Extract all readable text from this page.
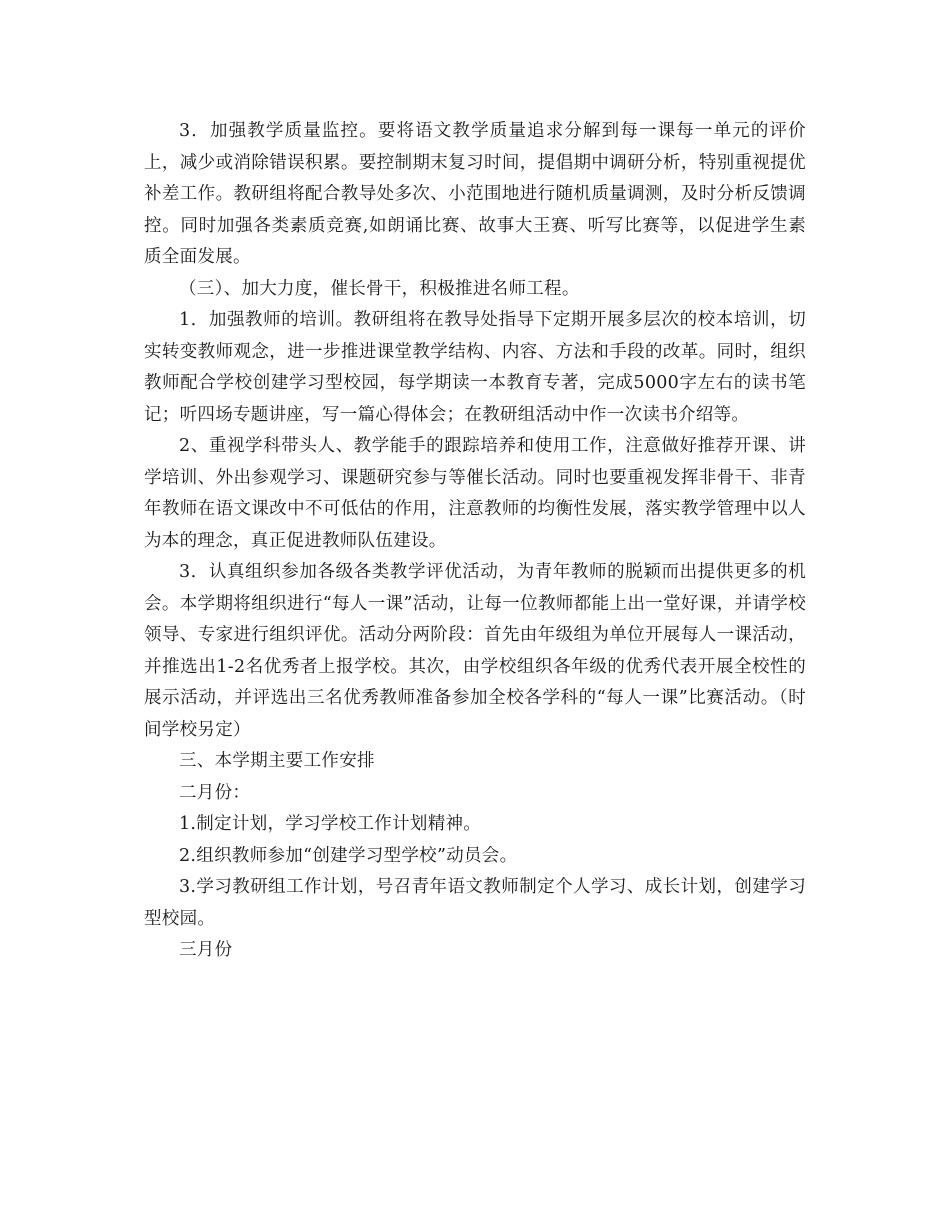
3．加强教学质量监控。要将语文教学质量追求分解到每一课每一单元的评价上，减少或消除错误积累。要控制期末复习时间，提倡期中调研分析，特别重视提优补差工作。教研组将配合教导处多次、小范围地进行随机质量调测，及时分析反馈调控。同时加强各类素质竞赛,如朗诵比赛、故事大王赛、听写比赛等，以促进学生素质全面发展。

（三）、加大力度，催长骨干，积极推进名师工程。

1．加强教师的培训。教研组将在教导处指导下定期开展多层次的校本培训，切实转变教师观念，进一步推进课堂教学结构、内容、方法和手段的改革。同时，组织教师配合学校创建学习型校园，每学期读一本教育专著，完成5000字左右的读书笔记；听四场专题讲座，写一篇心得体会；在教研组活动中作一次读书介绍等。

2、重视学科带头人、教学能手的跟踪培养和使用工作，注意做好推荐开课、讲学培训、外出参观学习、课题研究参与等催长活动。同时也要重视发挥非骨干、非青年教师在语文课改中不可低估的作用，注意教师的均衡性发展，落实教学管理中以人为本的理念，真正促进教师队伍建设。

3．认真组织参加各级各类教学评优活动，为青年教师的脱颖而出提供更多的机会。本学期将组织进行“每人一课”活动，让每一位教师都能上出一堂好课，并请学校领导、专家进行组织评优。活动分两阶段：首先由年级组为单位开展每人一课活动，并推选出1-2名优秀者上报学校。其次，由学校组织各年级的优秀代表开展全校性的展示活动，并评选出三名优秀教师准备参加全校各学科的“每人一课”比赛活动。（时间学校另定）

三、本学期主要工作安排

二月份：

1.制定计划，学习学校工作计划精神。

2.组织教师参加“创建学习型学校”动员会。

3.学习教研组工作计划，号召青年语文教师制定个人学习、成长计划，创建学习型校园。

三月份
